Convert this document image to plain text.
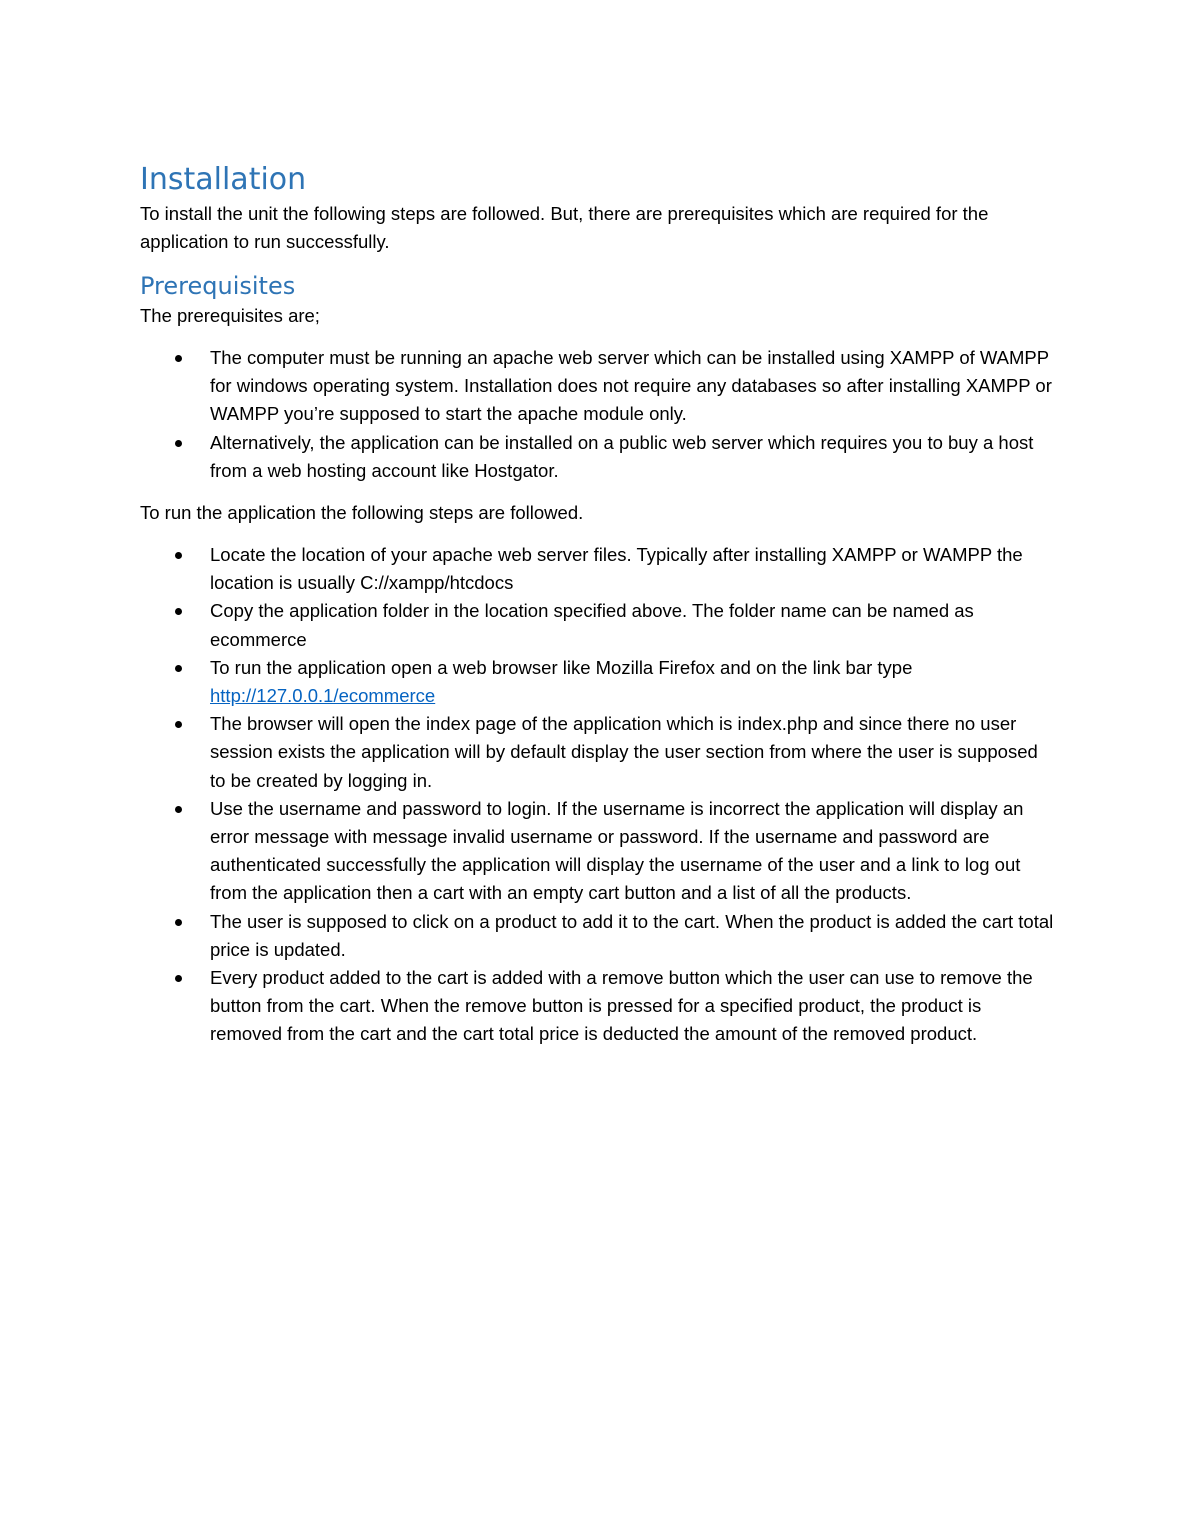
Installation

To install the unit the following steps are followed. But, there are prerequisites which are required for the application to run successfully.

Prerequisites

The prerequisites are;

The computer must be running an apache web server which can be installed using XAMPP of WAMPP for windows operating system. Installation does not require any databases so after installing XAMPP or WAMPP you’re supposed to start the apache module only.
Alternatively, the application can be installed on a public web server which requires you to buy a host from a web hosting account like Hostgator.

To run the application the following steps are followed.

Locate the location of your apache web server files. Typically after installing XAMPP or WAMPP the location is usually C://xampp/htcdocs
Copy the application folder in the location specified above. The folder name can be named as ecommerce
To run the application open a web browser like Mozilla Firefox and on the link bar type
http://127.0.0.1/ecommerce
The browser will open the index page of the application which is index.php and since there no user session exists the application will by default display the user section from where the user is supposed to be created by logging in.
Use the username and password to login. If the username is incorrect the application will display an error message with message invalid username or password. If the username and password are authenticated successfully the application will display the username of the user and a link to log out from the application then a cart with an empty cart button and a list of all the products.
The user is supposed to click on a product to add it to the cart. When the product is added the cart total price is updated.
Every product added to the cart is added with a remove button which the user can use to remove the button from the cart. When the remove button is pressed for a specified product, the product is removed from the cart and the cart total price is deducted the amount of the removed product.
